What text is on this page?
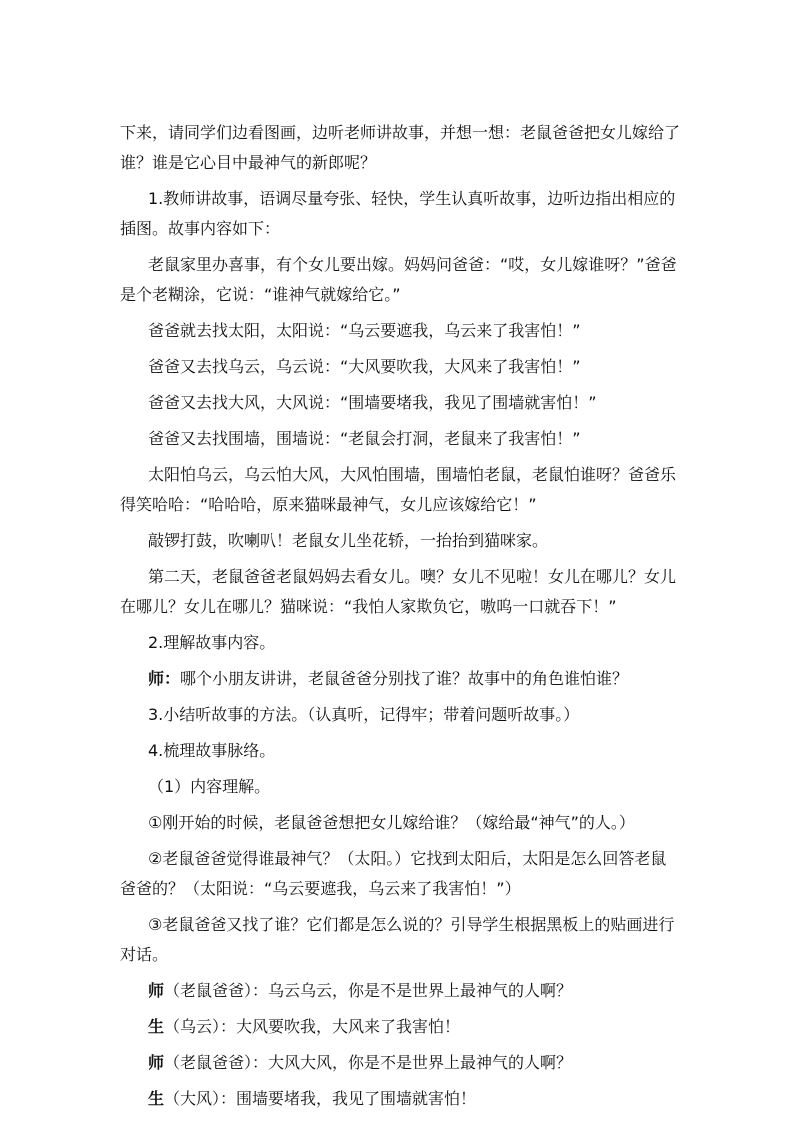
下来，请同学们边看图画，边听老师讲故事，并想一想：老鼠爸爸把女儿嫁给了谁？谁是它心目中最神气的新郎呢？

1.教师讲故事，语调尽量夸张、轻快，学生认真听故事，边听边指出相应的插图。故事内容如下：

老鼠家里办喜事，有个女儿要出嫁。妈妈问爸爸：“哎，女儿嫁谁呀？”爸爸是个老糊涂，它说：“谁神气就嫁给它。”

爸爸就去找太阳，太阳说：“乌云要遮我，乌云来了我害怕！”

爸爸又去找乌云，乌云说：“大风要吹我，大风来了我害怕！”

爸爸又去找大风，大风说：“围墙要堵我，我见了围墙就害怕！”

爸爸又去找围墙，围墙说：“老鼠会打洞，老鼠来了我害怕！”

太阳怕乌云，乌云怕大风，大风怕围墙，围墙怕老鼠，老鼠怕谁呀？爸爸乐得笑哈哈：“哈哈哈，原来猫咪最神气，女儿应该嫁给它！”

敲锣打鼓，吹喇叭！老鼠女儿坐花轿，一抬抬到猫咪家。

第二天，老鼠爸爸老鼠妈妈去看女儿。噢？女儿不见啦！女儿在哪儿？女儿在哪儿？女儿在哪儿？猫咪说：“我怕人家欺负它，嗷呜一口就吞下！”

2.理解故事内容。

师：哪个小朋友讲讲，老鼠爸爸分别找了谁？故事中的角色谁怕谁？

3.小结听故事的方法。（认真听，记得牢；带着问题听故事。）

4.梳理故事脉络。

（1）内容理解。

①刚开始的时候，老鼠爸爸想把女儿嫁给谁？（嫁给最“神气”的人。）

②老鼠爸爸觉得谁最神气？（太阳。）它找到太阳后，太阳是怎么回答老鼠爸爸的？（太阳说：“乌云要遮我，乌云来了我害怕！”）

③老鼠爸爸又找了谁？它们都是怎么说的？引导学生根据黑板上的贴画进行对话。

师（老鼠爸爸）：乌云乌云，你是不是世界上最神气的人啊？

生（乌云）：大风要吹我，大风来了我害怕！

师（老鼠爸爸）：大风大风，你是不是世界上最神气的人啊？

生（大风）：围墙要堵我，我见了围墙就害怕！
